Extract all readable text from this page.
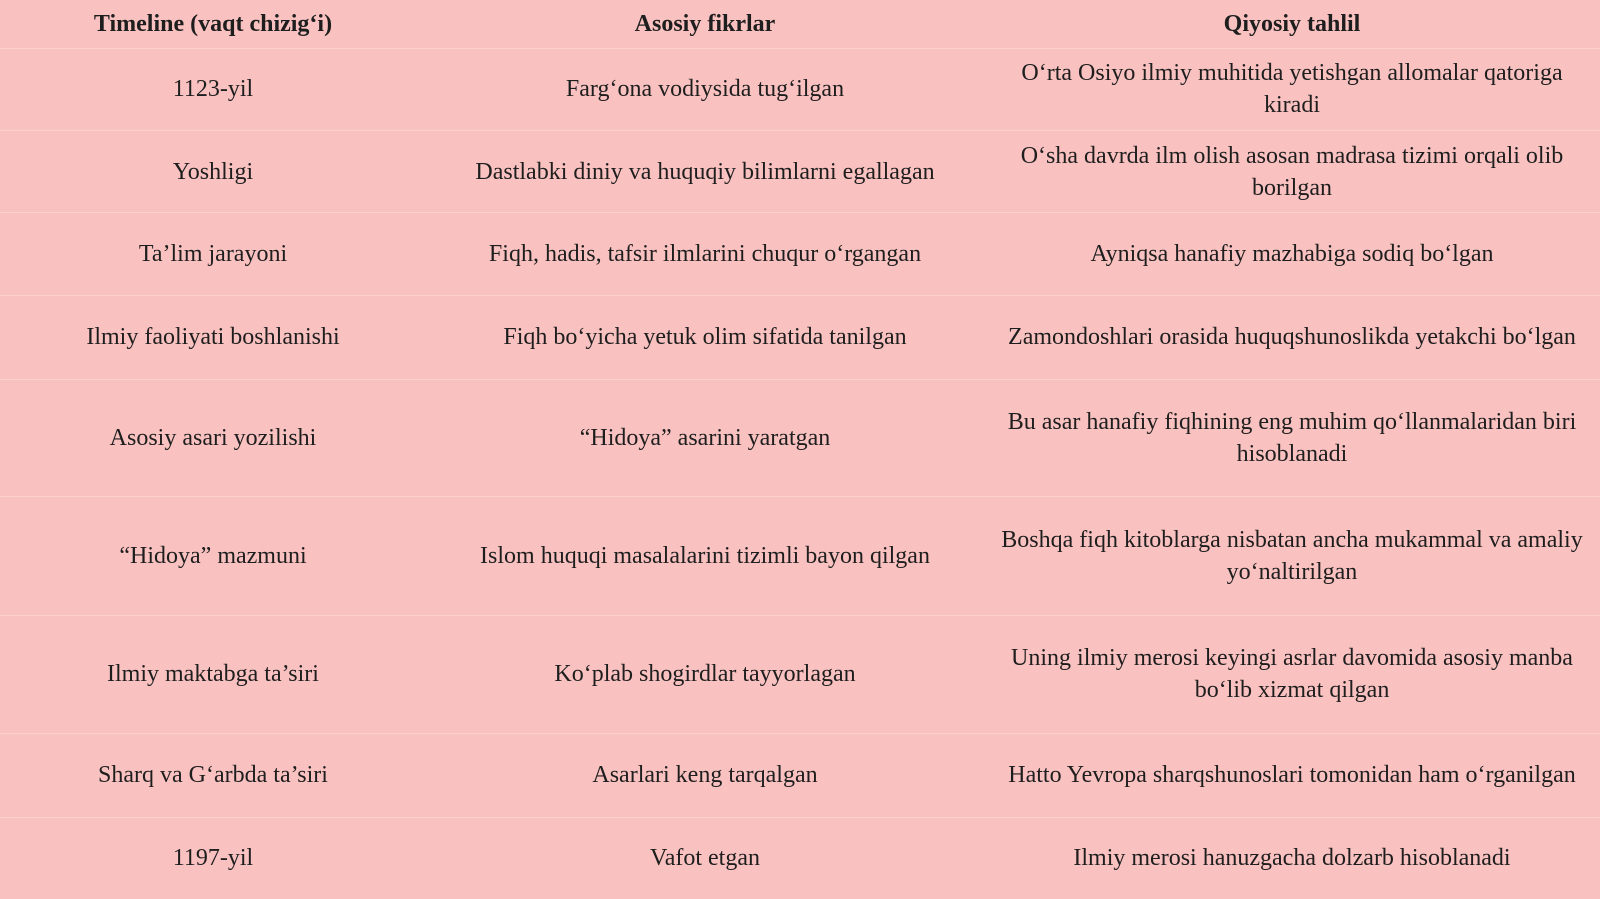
Timeline (vaqt chizig‘i)	Asosiy fikrlar	Qiyosiy tahlil
1123-yil	Farg‘ona vodiysida tug‘ilgan	O‘rta Osiyo ilmiy muhitida yetishgan allomalar qatoriga kiradi
Yoshligi	Dastlabki diniy va huquqiy bilimlarni egallagan	O‘sha davrda ilm olish asosan madrasa tizimi orqali olib borilgan
Ta’lim jarayoni	Fiqh, hadis, tafsir ilmlarini chuqur o‘rgangan	Ayniqsa hanafiy mazhabiga sodiq bo‘lgan
Ilmiy faoliyati boshlanishi	Fiqh bo‘yicha yetuk olim sifatida tanilgan	Zamondoshlari orasida huquqshunoslikda yetakchi bo‘lgan
Asosiy asari yozilishi	“Hidoya” asarini yaratgan	Bu asar hanafiy fiqhining eng muhim qo‘llanmalaridan biri hisoblanadi
“Hidoya” mazmuni	Islom huquqi masalalarini tizimli bayon qilgan	Boshqa fiqh kitoblarga nisbatan ancha mukammal va amaliy yo‘naltirilgan
Ilmiy maktabga ta’siri	Ko‘plab shogirdlar tayyorlagan	Uning ilmiy merosi keyingi asrlar davomida asosiy manba bo‘lib xizmat qilgan
Sharq va G‘arbda ta’siri	Asarlari keng tarqalgan	Hatto Yevropa sharqshunoslari tomonidan ham o‘rganilgan
1197-yil	Vafot etgan	Ilmiy merosi hanuzgacha dolzarb hisoblanadi
